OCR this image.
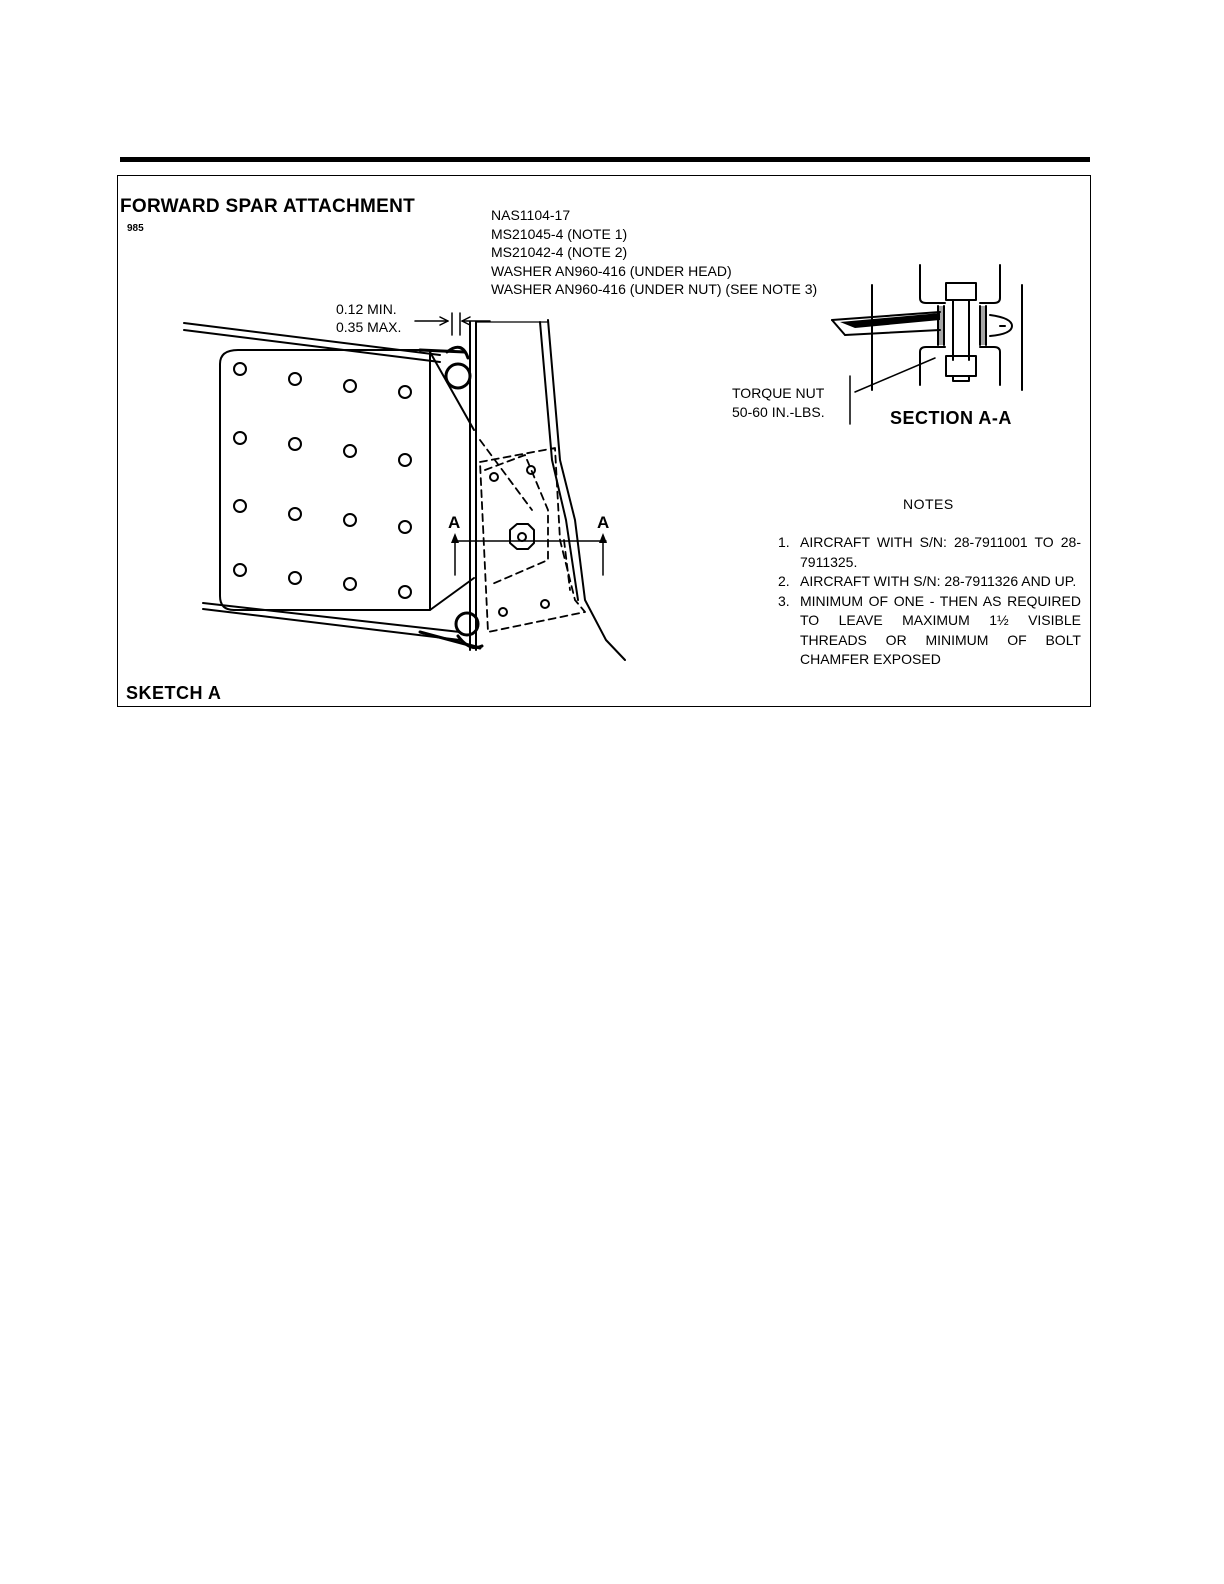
FORWARD SPAR ATTACHMENT
985
NAS1104-17
MS21045-4 (NOTE 1)
MS21042-4 (NOTE 2)
WASHER AN960-416 (UNDER HEAD)
WASHER AN960-416 (UNDER NUT) (SEE NOTE 3)
0.12 MIN.
0.35 MAX.
TORQUE NUT
50-60 IN.-LBS.	SECTION A-A
SKETCH A
A	A
NOTES
1. AIRCRAFT WITH S/N: 28-7911001 TO 28-7911325.
2. AIRCRAFT WITH S/N: 28-7911326 AND UP.
3. MINIMUM OF ONE - THEN AS REQUIRED TO LEAVE MAXIMUM 1½ VISIBLE THREADS OR MINIMUM OF BOLT CHAMFER EXPOSED
